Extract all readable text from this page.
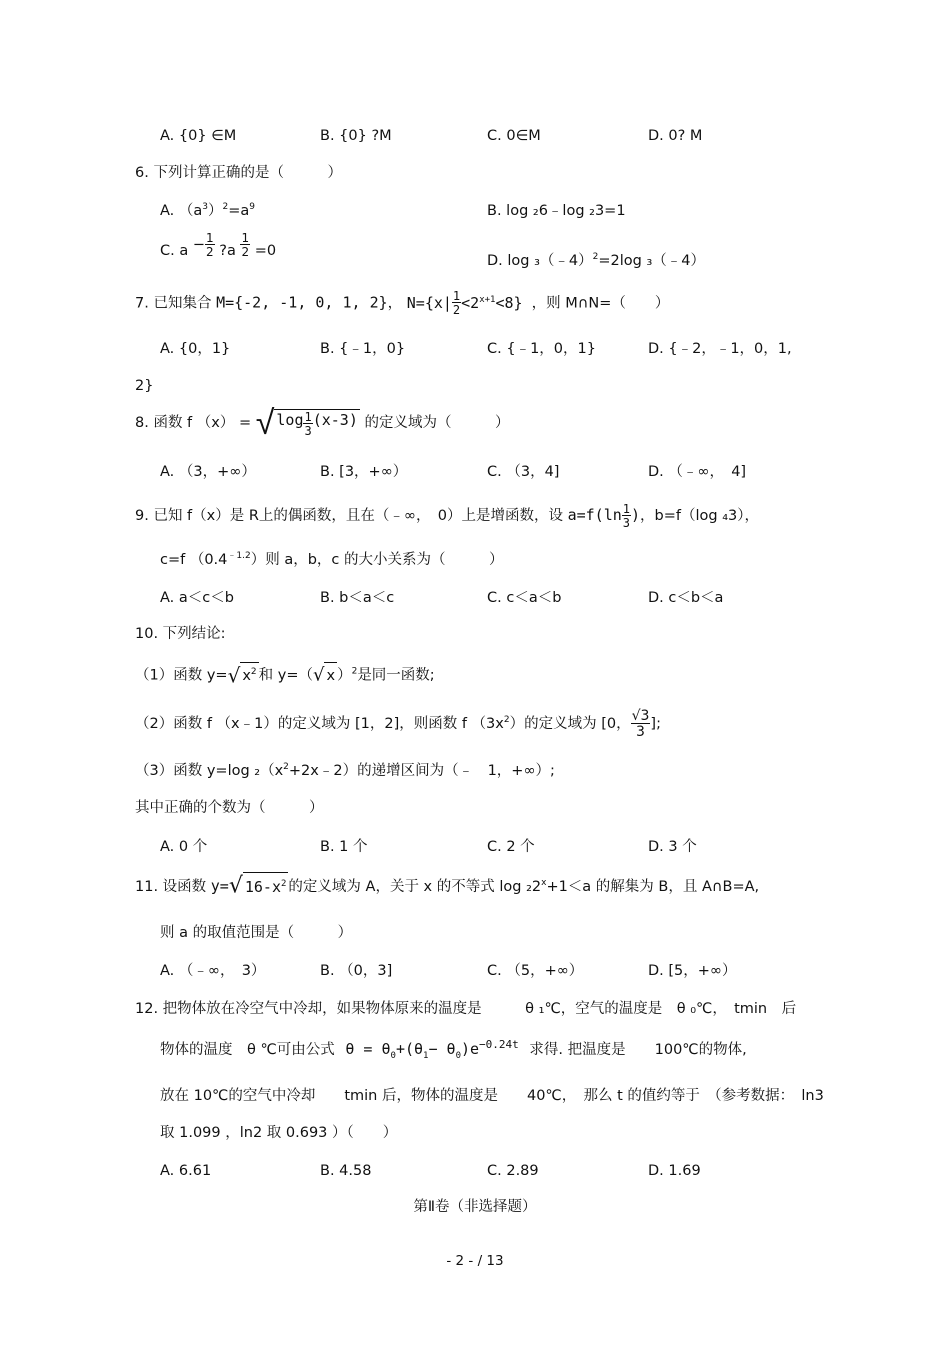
A. {0} ∈M	B. {0} ?M	C. 0∈M	D. 0? M
6. 下列计算正确的是（　　　）
A. $(a^3)^2=a^9$	B. log ₂6﹣log ₂3=1
C. $a - \frac{1}{2}$ ?a $\frac{1}{2} =0$
D. log ₃（﹣4）$^2$=2log ₃（﹣4）
7. 已知集合 M={-2, -1, 0, 1, 2}， $N=\{x| \frac{1}{2} <2^{x+1}<8\}$ ，则 M∩N=（　　）
A. {0，1}	B. {﹣1，0}	C. {﹣1，0，1}	D. {﹣2，﹣1，0，1,
2}
8. 函数 f （x） = √ $\log \frac{1}{3} (x-3)$ 的定义域为（　　　）
A. （3，+∞）	B. [3，+∞）	C. （3，4]	D. （﹣∞，　4]
9. 已知 f（x）是 R上的偶函数，且在（﹣∞，　0）上是增函数，设 $a=f(\ln \frac{1}{3}$ )，b=f（log ₄3），
c=f $(0.4^{﹣1.2})$则 a，b，c 的大小关系为（　　　）
A. a＜c＜b	B. b＜a＜c	C. c＜a＜b	D. c＜b＜a
10. 下列结论:
（1）函数 y=√ $x^2$ 和 y=（√ x ）$^2$是同一函数;
（2）函数 f （x﹣1）的定义域为 [1，2]，则函数 f $(3x^2)$的定义域为 [0， $\frac{√3}{3}$ ];
（3）函数 y=log $_2(x^2+2x﹣2)$的递增区间为（﹣　1，+∞）;
其中正确的个数为（　　　）
A. 0 个	B. 1 个	C. 2 个	D. 3 个
11. 设函数 y=√ $16-x^2$ 的定义域为 A，关于 x 的不等式 $\log _22^x+1<a$ 的解集为 B，且 A∩B=A,
则 a 的取值范围是（　　　）
A. （﹣∞，　3）	B. （0，3]	C. （5，+∞）	D. [5，+∞）
12. 把物体放在冷空气中冷却，如果物体原来的温度是　　　θ ₁℃，空气的温度是　θ ₀℃，　tmin　后
物体的温度　θ ℃可由公式 $\theta = \theta_0+(\theta_1- \theta_0)e^{-0.24t}$ 求得. 把温度是　　100℃的物体,
放在 10℃的空气中冷却　　tmin 后，物体的温度是　　40℃，　那么 t 的值约等于　（参考数据：　ln3
取 1.099 ，ln2 取 0.693 ）（　　）
A. 6.61	B. 4.58	C. 2.89	D. 1.69
第Ⅱ卷（非选择题）
- 2 - / 13
